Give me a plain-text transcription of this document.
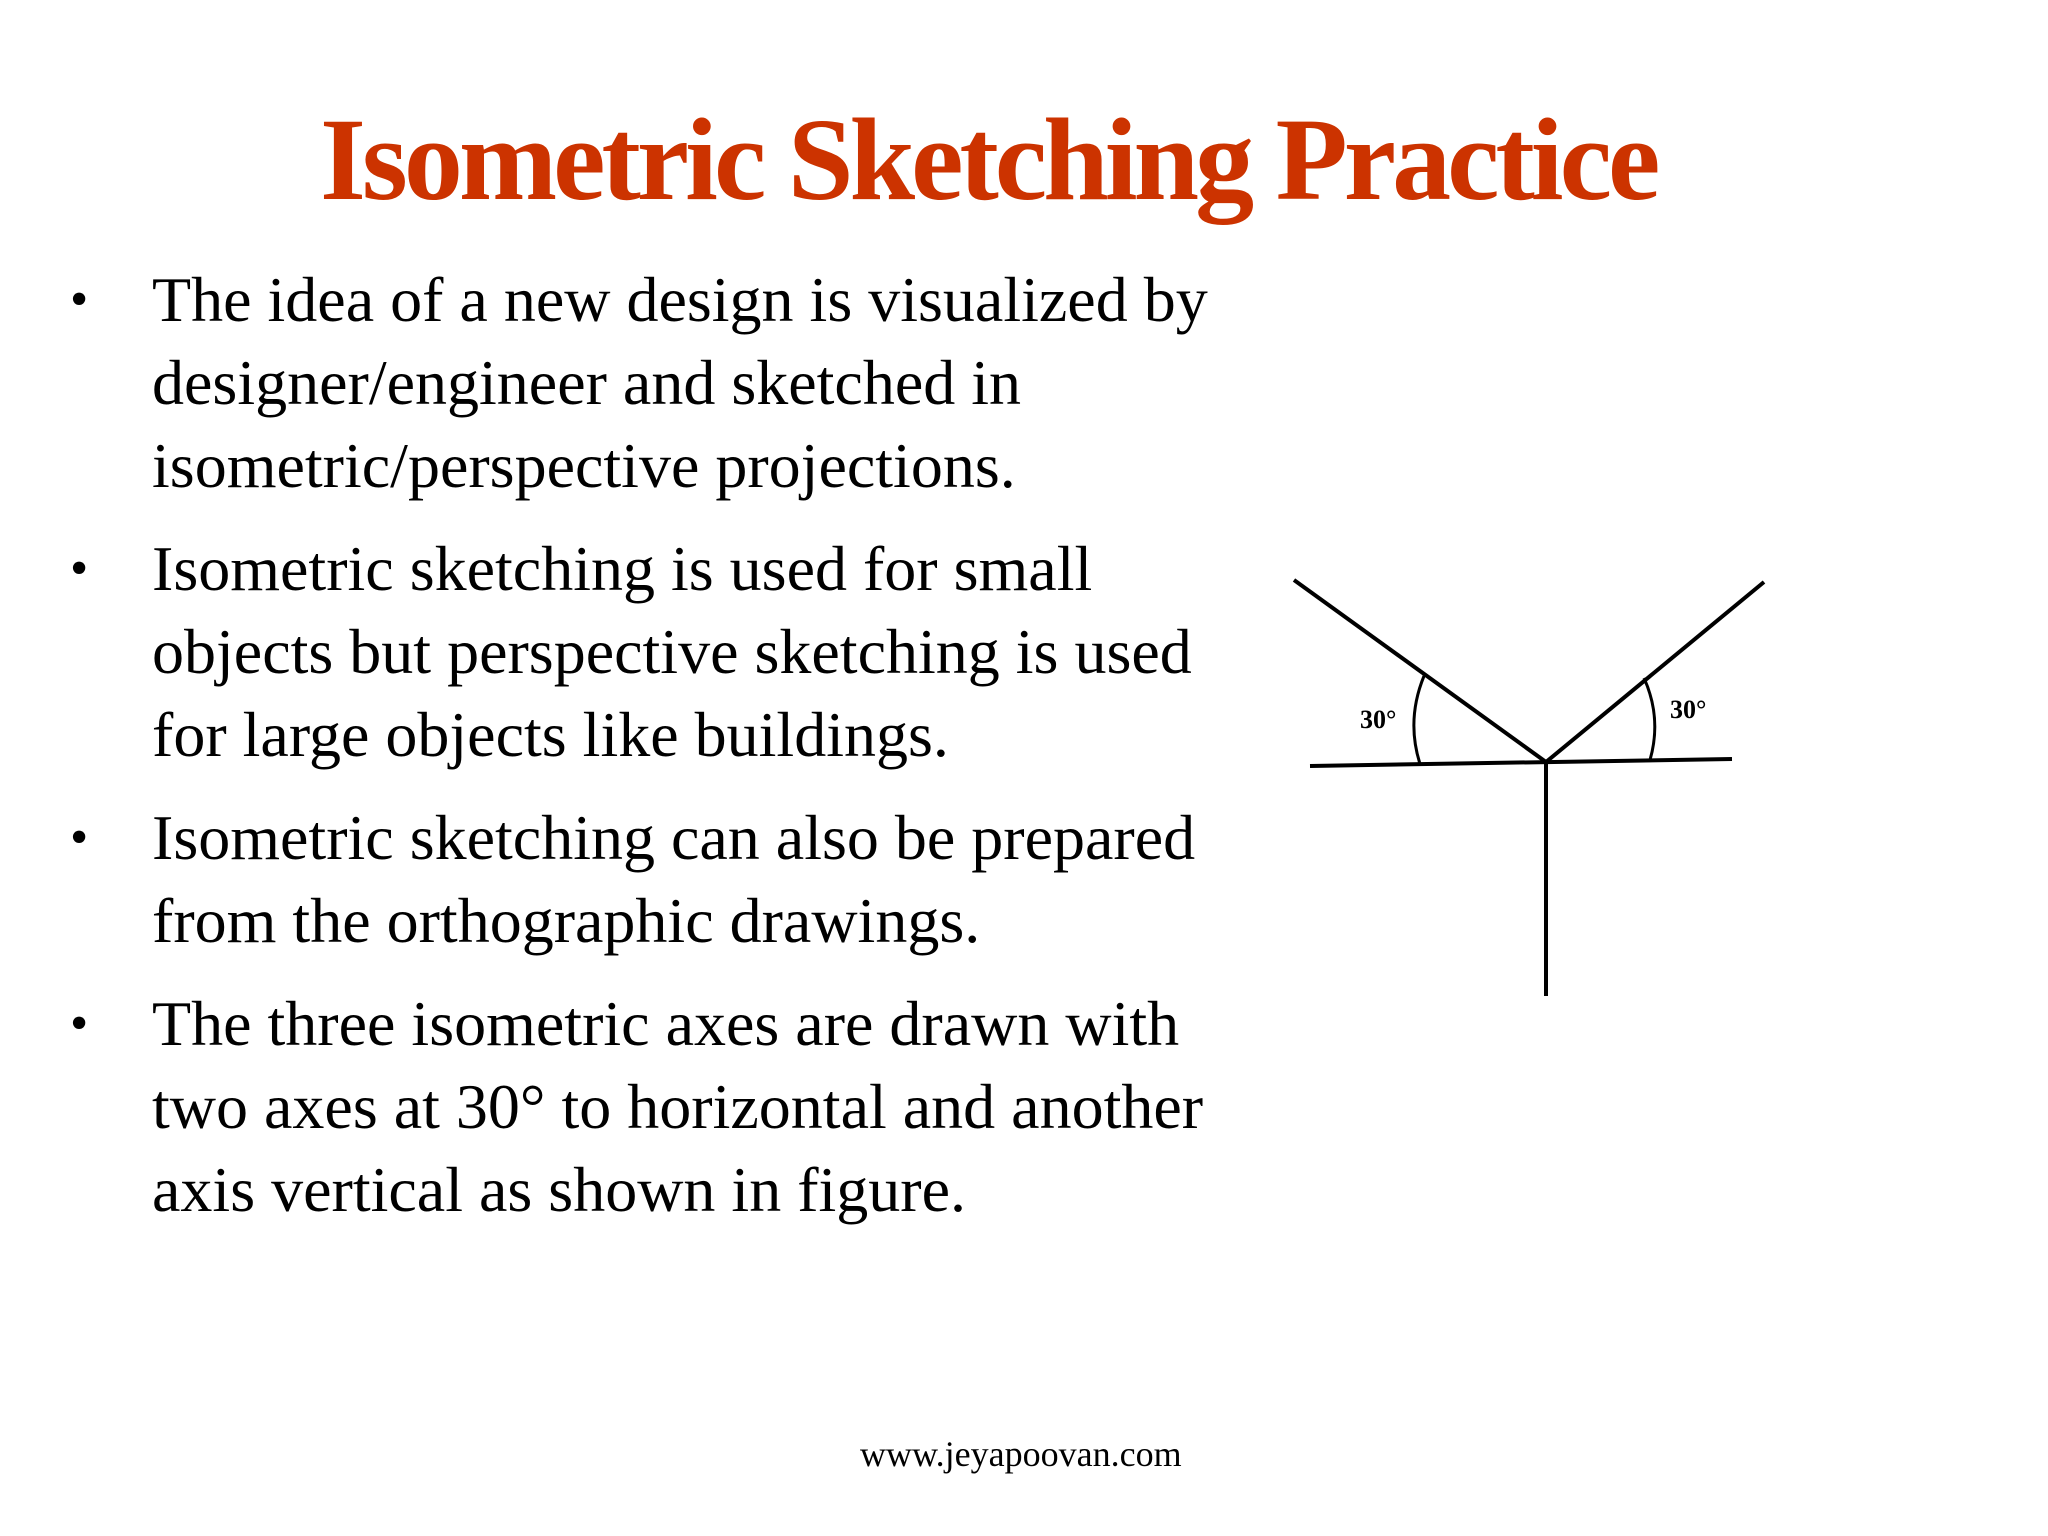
Isometric Sketching Practice
• The idea of a new design is visualized by designer/engineer and sketched in isometric/perspective projections.
• Isometric sketching is used for small objects but perspective sketching is used for large objects like buildings.
• Isometric sketching can also be prepared from the orthographic drawings.
• The three isometric axes are drawn with two axes at 30° to horizontal and another axis vertical as shown in figure.
30°	30°
www.jeyapoovan.com
